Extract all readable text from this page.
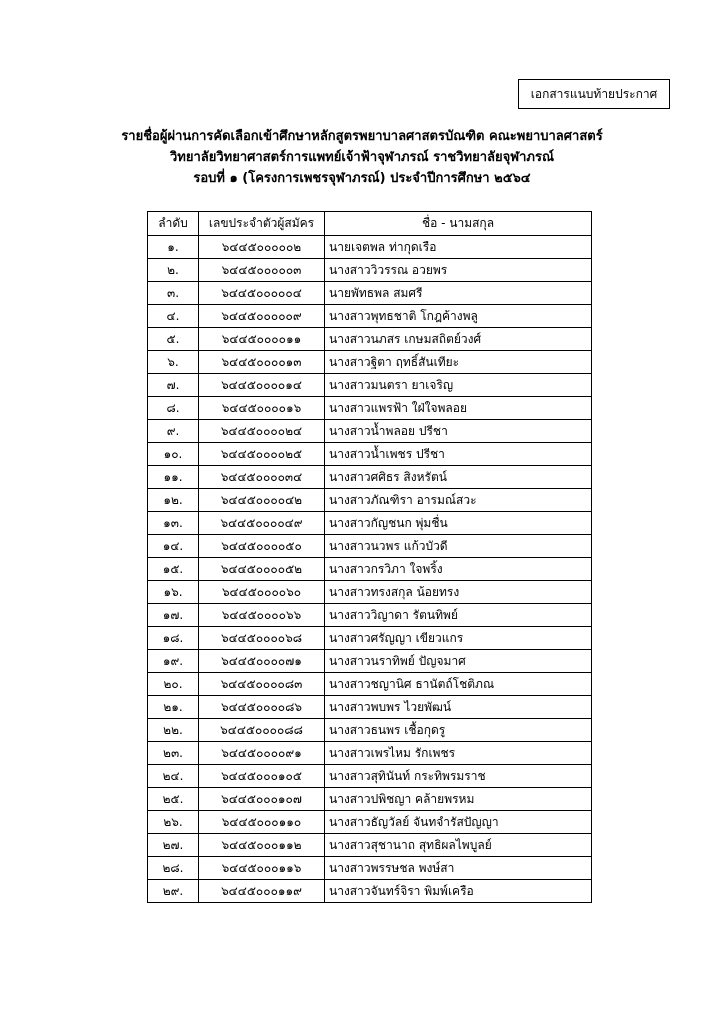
เอกสารแนบท้ายประกาศ
รายชื่อผู้ผ่านการคัดเลือกเข้าศึกษาหลักสูตรพยาบาลศาสตรบัณฑิต คณะพยาบาลศาสตร์
วิทยาลัยวิทยาศาสตร์การแพทย์เจ้าฟ้าจุฬาภรณ์ ราชวิทยาลัยจุฬาภรณ์
รอบที่ ๑ (โครงการเพชรจุฬาภรณ์) ประจำปีการศึกษา ๒๕๖๔
ลำดับ	เลขประจำตัวผู้สมัคร	ชื่อ - นามสกุล
๑.	๖๔๔๕๐๐๐๐๐๒	นายเจตพล ท่ากุดเรือ
๒.	๖๔๔๕๐๐๐๐๐๓	นางสาววิวรรณ อวยพร
๓.	๖๔๔๕๐๐๐๐๐๔	นายพัทธพล สมศรี
๔.	๖๔๔๕๐๐๐๐๐๙	นางสาวพุทธชาติ โกฎค้างพลู
๕.	๖๔๔๕๐๐๐๐๑๑	นางสาวนภสร เกษมสถิตย์วงศ์
๖.	๖๔๔๕๐๐๐๐๑๓	นางสาวฐิตา ฤทธิ์สันเทียะ
๗.	๖๔๔๕๐๐๐๐๑๔	นางสาวมนตรา ยาเจริญ
๘.	๖๔๔๕๐๐๐๐๑๖	นางสาวแพรฟ้า ใฝ่ใจพลอย
๙.	๖๔๔๕๐๐๐๐๒๔	นางสาวน้ำพลอย ปรีชา
๑๐.	๖๔๔๕๐๐๐๐๒๕	นางสาวน้ำเพชร ปรีชา
๑๑.	๖๔๔๕๐๐๐๐๓๔	นางสาวศศิธร สิงหรัตน์
๑๒.	๖๔๔๕๐๐๐๐๔๒	นางสาวภัณฑิรา อารมณ์สวะ
๑๓.	๖๔๔๕๐๐๐๐๔๙	นางสาวกัญชนก พุ่มชื่น
๑๔.	๖๔๔๕๐๐๐๐๕๐	นางสาวนวพร แก้วบัวดี
๑๕.	๖๔๔๕๐๐๐๐๕๒	นางสาวกรวิภา ใจพริ้ง
๑๖.	๖๔๔๕๐๐๐๐๖๐	นางสาวทรงสกุล น้อยทรง
๑๗.	๖๔๔๕๐๐๐๐๖๖	นางสาววิญาดา รัตนทิพย์
๑๘.	๖๔๔๕๐๐๐๐๖๘	นางสาวศรัญญา เขียวแกร
๑๙.	๖๔๔๕๐๐๐๐๗๑	นางสาวนราทิพย์ ปัญจมาศ
๒๐.	๖๔๔๕๐๐๐๐๘๓	นางสาวชญานิศ ธานัตถ์โชติภณ
๒๑.	๖๔๔๕๐๐๐๐๘๖	นางสาวพบพร ไวยพัฒน์
๒๒.	๖๔๔๕๐๐๐๐๘๘	นางสาวธนพร เชื้อกุดรู
๒๓.	๖๔๔๕๐๐๐๐๙๑	นางสาวเพรไหม รักเพชร
๒๔.	๖๔๔๕๐๐๐๑๐๕	นางสาวสุทินันท์ กระทิพรมราช
๒๕.	๖๔๔๕๐๐๐๑๐๗	นางสาวปพิชญา คล้ายพรหม
๒๖.	๖๔๔๕๐๐๐๑๑๐	นางสาวธัญวัลย์ จันทจำรัสปัญญา
๒๗.	๖๔๔๕๐๐๐๑๑๒	นางสาวสุชานาถ สุทธิผลไพบูลย์
๒๘.	๖๔๔๕๐๐๐๑๑๖	นางสาวพรรษชล พงษ์สา
๒๙.	๖๔๔๕๐๐๐๑๑๙	นางสาวจันทร์จิรา พิมพ์เครือ
